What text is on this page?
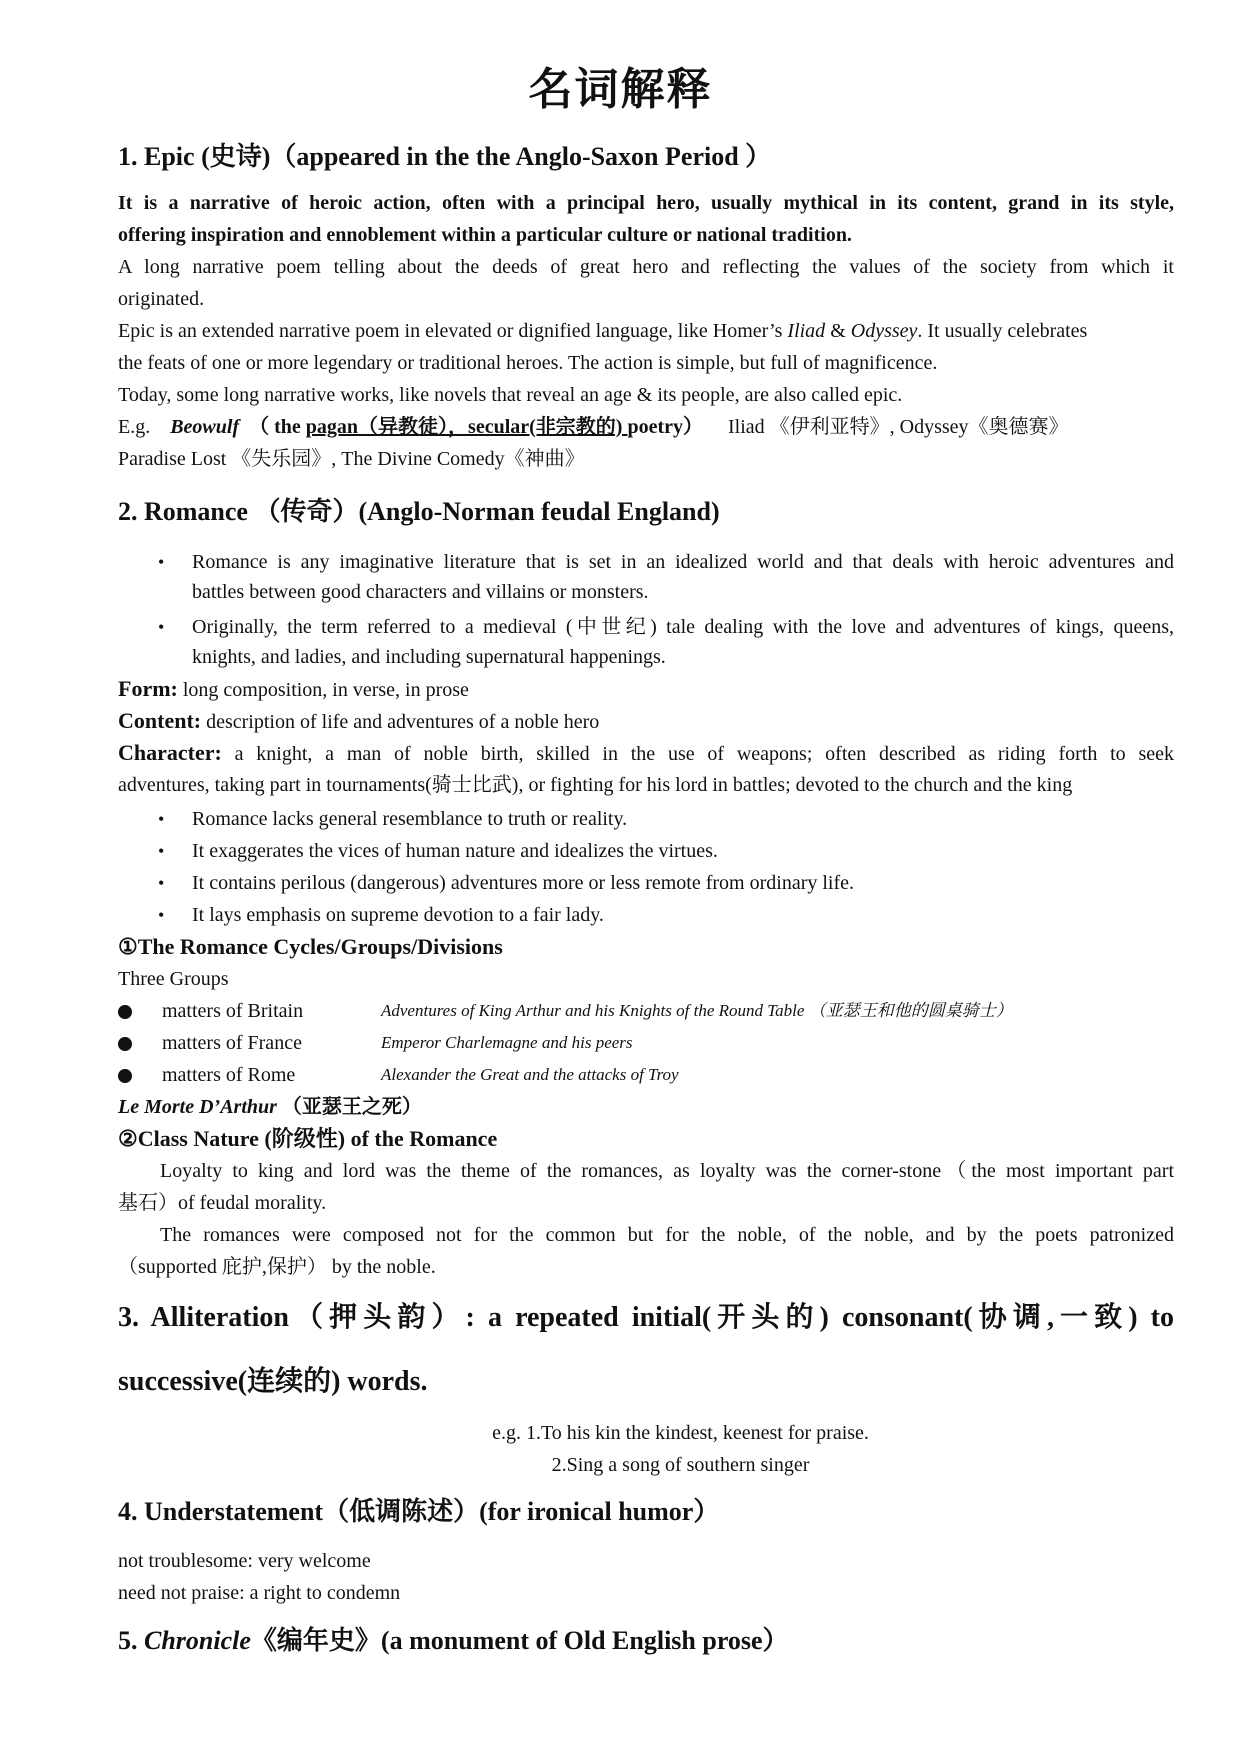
名词解释
1. Epic (史诗)（appeared in the the Anglo-Saxon Period ）
It is a narrative of heroic action, often with a principal hero, usually mythical in its content, grand in its style,
offering inspiration and ennoblement within a particular culture or national tradition.
A long narrative poem telling about the deeds of great hero and reflecting the values of the society from which it
originated.
Epic is an extended narrative poem in elevated or dignified language, like Homer’s Iliad & Odyssey. It usually celebrates
the feats of one or more legendary or traditional heroes. The action is simple, but full of magnificence.
Today, some long narrative works, like novels that reveal an age & its people, are also called epic.
E.g. Beowulf （ the pagan（异教徒），secular(非宗教的) poetry） Iliad 《伊利亚特》, Odyssey《奥德赛》
Paradise Lost 《失乐园》, The Divine Comedy《神曲》
2. Romance （传奇）(Anglo-Norman feudal England)
• Romance is any imaginative literature that is set in an idealized world and that deals with heroic adventures and
battles between good characters and villains or monsters.
• Originally, the term referred to a medieval (中世纪) tale dealing with the love and adventures of kings, queens,
knights, and ladies, and including supernatural happenings.
Form: long composition, in verse, in prose
Content: description of life and adventures of a noble hero
Character: a knight, a man of noble birth, skilled in the use of weapons; often described as riding forth to seek
adventures, taking part in tournaments(骑士比武), or fighting for his lord in battles; devoted to the church and the king
• Romance lacks general resemblance to truth or reality.
• It exaggerates the vices of human nature and idealizes the virtues.
• It contains perilous (dangerous) adventures more or less remote from ordinary life.
• It lays emphasis on supreme devotion to a fair lady.
①The Romance Cycles/Groups/Divisions
Three Groups
matters of Britain	Adventures of King Arthur and his Knights of the Round Table （亚瑟王和他的圆桌骑士）
matters of France	Emperor Charlemagne and his peers
matters of Rome	Alexander the Great and the attacks of Troy
Le Morte D’Arthur （亚瑟王之死）
②Class Nature (阶级性) of the Romance
Loyalty to king and lord was the theme of the romances, as loyalty was the corner-stone（the most important part
基石）of feudal morality.
The romances were composed not for the common but for the noble, of the noble, and by the poets patronized
（supported 庇护,保护） by the noble.
3. Alliteration（押头韵）: a repeated initial(开头的) consonant(协调,一致) to
successive(连续的) words.
e.g. 1.To his kin the kindest, keenest for praise.
2.Sing a song of southern singer
4. Understatement（低调陈述）(for ironical humor）
not troublesome: very welcome
need not praise: a right to condemn
5. Chronicle《编年史》(a monument of Old English prose）
